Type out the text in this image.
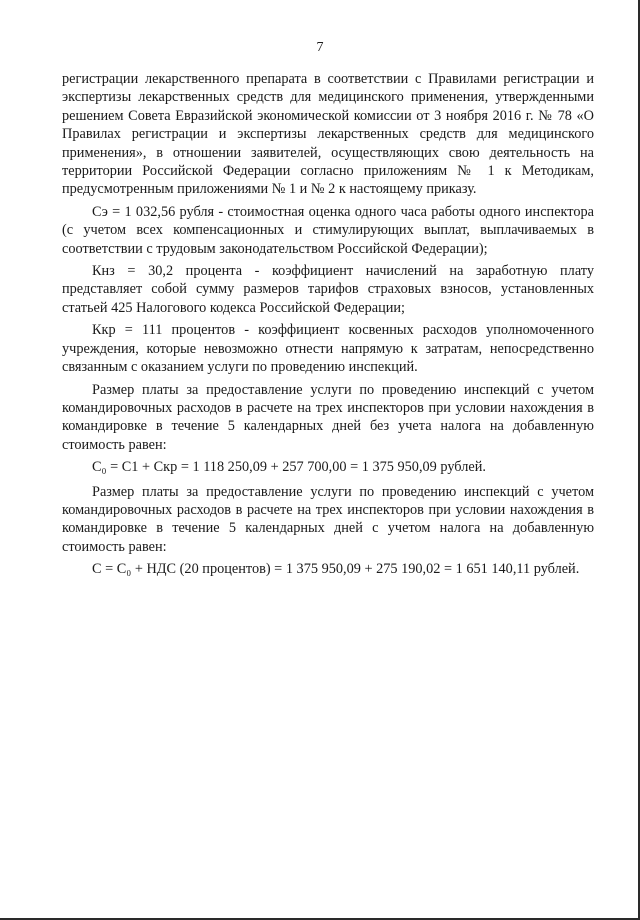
7

регистрации лекарственного препарата в соответствии с Правилами регистрации и экспертизы лекарственных средств для медицинского применения, утвержденными решением Совета Евразийской экономической комиссии от 3 ноября 2016 г. № 78 «О Правилах регистрации и экспертизы лекарственных средств для медицинского применения», в отношении заявителей, осуществляющих свою деятельность на территории Российской Федерации согласно приложениям № 1 к Методикам, предусмотренным приложениями № 1 и № 2 к настоящему приказу.

Сэ = 1 032,56 рубля - стоимостная оценка одного часа работы одного инспектора (с учетом всех компенсационных и стимулирующих выплат, выплачиваемых в соответствии с трудовым законодательством Российской Федерации);

Кнз = 30,2 процента - коэффициент начислений на заработную плату представляет собой сумму размеров тарифов страховых взносов, установленных статьей 425 Налогового кодекса Российской Федерации;

Ккр = 111 процентов - коэффициент косвенных расходов уполномоченного учреждения, которые невозможно отнести напрямую к затратам, непосредственно связанным с оказанием услуги по проведению инспекций.

Размер платы за предоставление услуги по проведению инспекций с учетом командировочных расходов в расчете на трех инспекторов при условии нахождения в командировке в течение 5 календарных дней без учета налога на добавленную стоимость равен:

С₀ = С1 + Скр = 1 118 250,09 + 257 700,00 = 1 375 950,09 рублей.

Размер платы за предоставление услуги по проведению инспекций с учетом командировочных расходов в расчете на трех инспекторов при условии нахождения в командировке в течение 5 календарных дней с учетом налога на добавленную стоимость равен:

С = С₀ + НДС (20 процентов) = 1 375 950,09 + 275 190,02 = 1 651 140,11 рублей.
